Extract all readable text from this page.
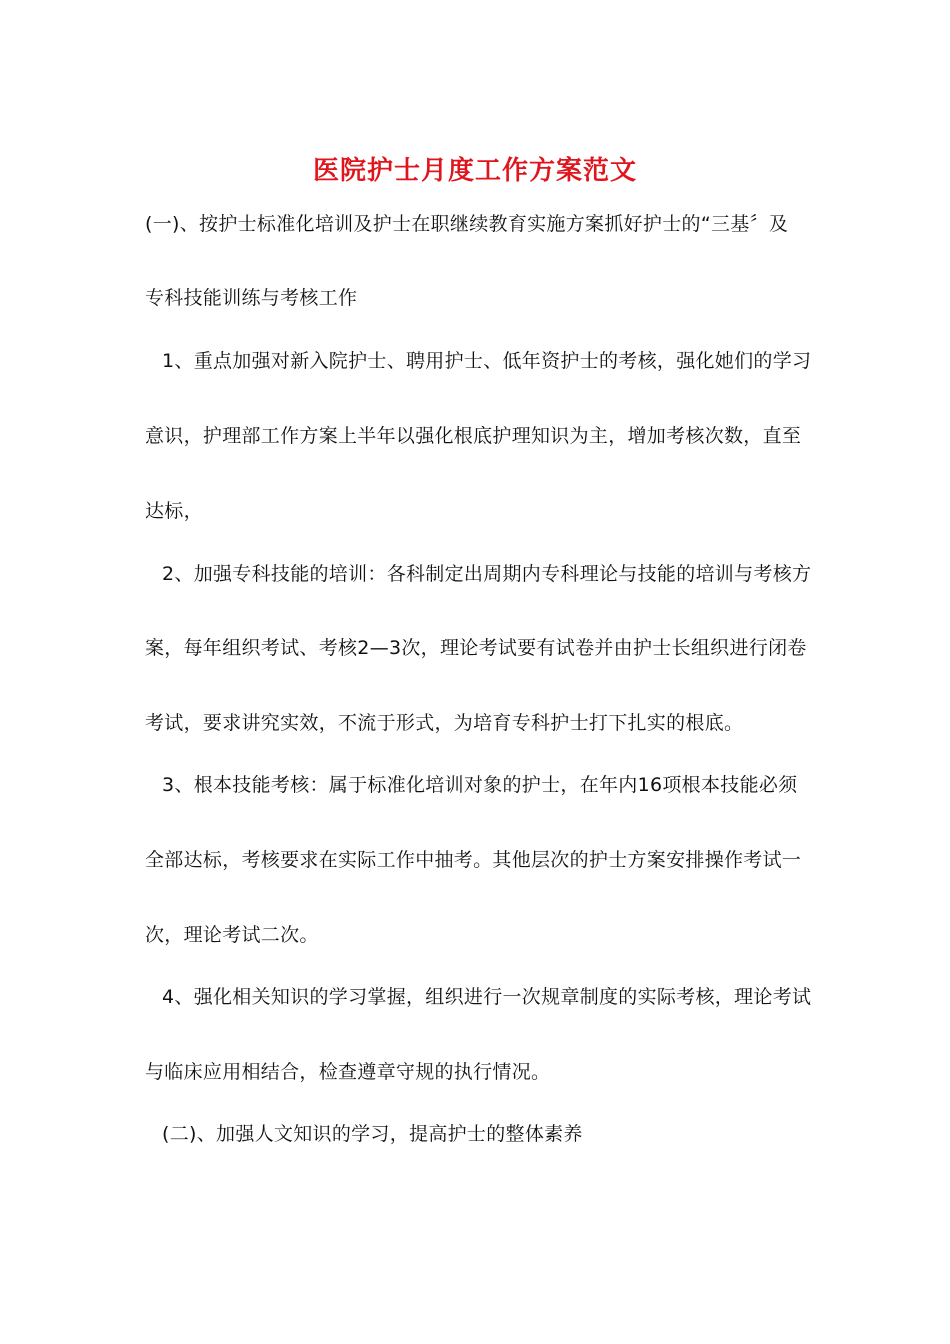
医院护士月度工作方案范文
(一)、按护士标准化培训及护士在职继续教育实施方案抓好护士的“三基〞及
专科技能训练与考核工作
1、重点加强对新入院护士、聘用护士、低年资护士的考核，强化她们的学习
意识，护理部工作方案上半年以强化根底护理知识为主，增加考核次数，直至
达标，
2、加强专科技能的培训：各科制定出周期内专科理论与技能的培训与考核方
案，每年组织考试、考核2—3次，理论考试要有试卷并由护士长组织进行闭卷
考试，要求讲究实效，不流于形式，为培育专科护士打下扎实的根底。
3、根本技能考核：属于标准化培训对象的护士，在年内16项根本技能必须
全部达标，考核要求在实际工作中抽考。其他层次的护士方案安排操作考试一
次，理论考试二次。
4、强化相关知识的学习掌握，组织进行一次规章制度的实际考核，理论考试
与临床应用相结合，检查遵章守规的执行情况。
(二)、加强人文知识的学习，提高护士的整体素养
